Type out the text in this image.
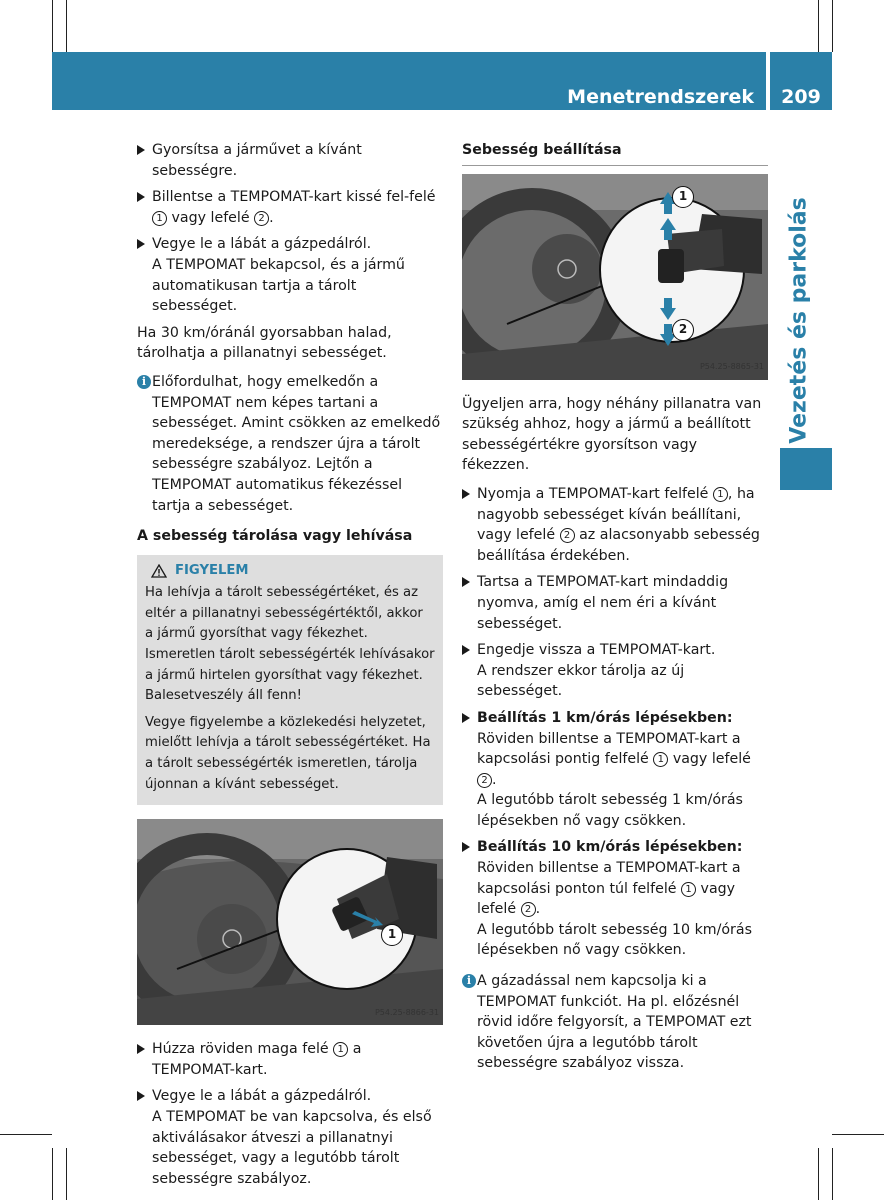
Menetrendszerek	209
Vezetés és parkolás
Gyorsítsa a járművet a kívánt sebességre.
Billentse a TEMPOMAT-kart kissé fel-felé 1 vagy lefelé 2 .
Vegye le a lábát a gázpedálról.
A TEMPOMAT bekapcsol, és a jármű automatikusan tartja a tárolt sebességet.

Ha 30 km/óránál gyorsabban halad, tárolhatja a pillanatnyi sebességet.

i Előfordulhat, hogy emelkedőn a TEMPOMAT nem képes tartani a sebességet. Amint csökken az emelkedő meredeksége, a rendszer újra a tárolt sebességre szabályoz. Lejtőn a TEMPOMAT automatikus fékezéssel tartja a sebességet.
A sebesség tárolása vagy lehívása
FIGYELEM

Ha lehívja a tárolt sebességértéket, és az eltér a pillanatnyi sebességértéktől, akkor a jármű gyorsíthat vagy fékezhet. Ismeretlen tárolt sebességérték lehívásakor a jármű hirtelen gyorsíthat vagy fékezhet. Balesetveszély áll fenn!

Vegye figyelembe a közlekedési helyzetet, mielőtt lehívja a tárolt sebességértéket. Ha a tárolt sebességérték ismeretlen, tárolja újonnan a kívánt sebességet.

1
P54.25-8866-31
Húzza röviden maga felé 1 a TEMPOMAT-kart.
Vegye le a lábát a gázpedálról.
A TEMPOMAT be van kapcsolva, és első aktiválásakor átveszi a pillanatnyi sebességet, vagy a legutóbb tárolt sebességre szabályoz.
Sebesség beállítása
1
2
P54.25-8865-31

Ügyeljen arra, hogy néhány pillanatra van szükség ahhoz, hogy a jármű a beállított sebességértékre gyorsítson vagy fékezzen.

Nyomja a TEMPOMAT-kart felfelé 1 , ha nagyobb sebességet kíván beállítani, vagy lefelé 2 az alacsonyabb sebesség beállítása érdekében.
Tartsa a TEMPOMAT-kart mindaddig nyomva, amíg el nem éri a kívánt sebességet.
Engedje vissza a TEMPOMAT-kart.
A rendszer ekkor tárolja az új sebességet.
Beállítás 1 km/órás lépésekben: Röviden billentse a TEMPOMAT-kart a kapcsolási pontig felfelé 1 vagy lefelé 2 .
A legutóbb tárolt sebesség 1 km/órás lépésekben nő vagy csökken.
Beállítás 10 km/órás lépésekben: Röviden billentse a TEMPOMAT-kart a kapcsolási ponton túl felfelé 1 vagy lefelé 2 .
A legutóbb tárolt sebesség 10 km/órás lépésekben nő vagy csökken.
i A gázadással nem kapcsolja ki a TEMPOMAT funkciót. Ha pl. előzésnél rövid időre felgyorsít, a TEMPOMAT ezt követően újra a legutóbb tárolt sebességre szabályoz vissza.
